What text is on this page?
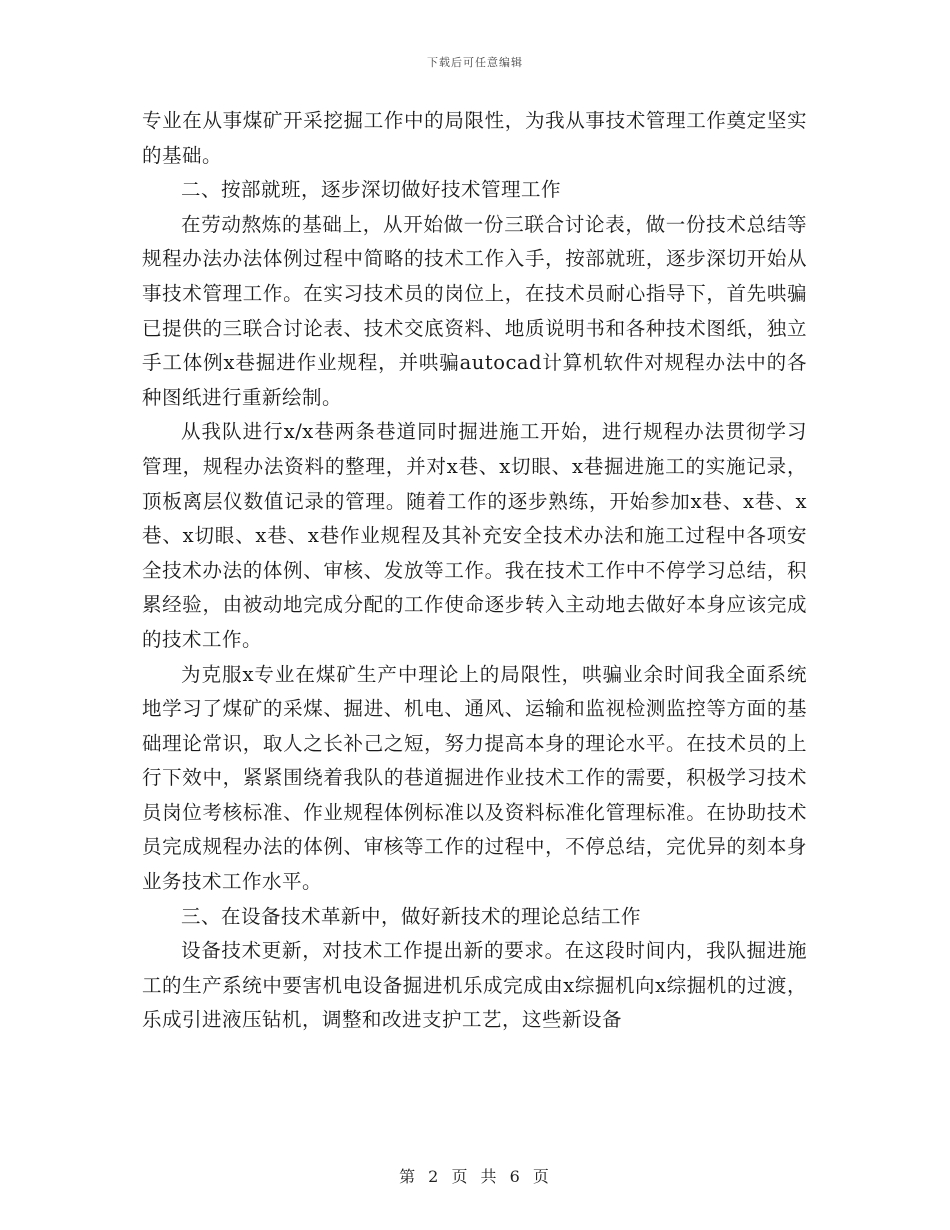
下载后可任意编辑

专业在从事煤矿开采挖掘工作中的局限性，为我从事技术管理工作奠定坚实的基础。

二、按部就班，逐步深切做好技术管理工作

在劳动熬炼的基础上，从开始做一份三联合讨论表，做一份技术总结等规程办法办法体例过程中简略的技术工作入手，按部就班，逐步深切开始从事技术管理工作。在实习技术员的岗位上，在技术员耐心指导下，首先哄骗已提供的三联合讨论表、技术交底资料、地质说明书和各种技术图纸，独立手工体例x巷掘进作业规程，并哄骗autocad计算机软件对规程办法中的各种图纸进行重新绘制。

从我队进行x/x巷两条巷道同时掘进施工开始，进行规程办法贯彻学习管理，规程办法资料的整理，并对x巷、x切眼、x巷掘进施工的实施记录，顶板离层仪数值记录的管理。随着工作的逐步熟练，开始参加x巷、x巷、x巷、x切眼、x巷、x巷作业规程及其补充安全技术办法和施工过程中各项安全技术办法的体例、审核、发放等工作。我在技术工作中不停学习总结，积累经验，由被动地完成分配的工作使命逐步转入主动地去做好本身应该完成的技术工作。

为克服x专业在煤矿生产中理论上的局限性，哄骗业余时间我全面系统地学习了煤矿的采煤、掘进、机电、通风、运输和监视检测监控等方面的基础理论常识，取人之长补己之短，努力提高本身的理论水平。在技术员的上行下效中，紧紧围绕着我队的巷道掘进作业技术工作的需要，积极学习技术员岗位考核标准、作业规程体例标准以及资料标准化管理标准。在协助技术员完成规程办法的体例、审核等工作的过程中，不停总结，完优异的刻本身业务技术工作水平。

三、在设备技术革新中，做好新技术的理论总结工作

设备技术更新，对技术工作提出新的要求。在这段时间内，我队掘进施工的生产系统中要害机电设备掘进机乐成完成由x综掘机向x综掘机的过渡，乐成引进液压钻机，调整和改进支护工艺，这些新设备

第 2 页 共 6 页
